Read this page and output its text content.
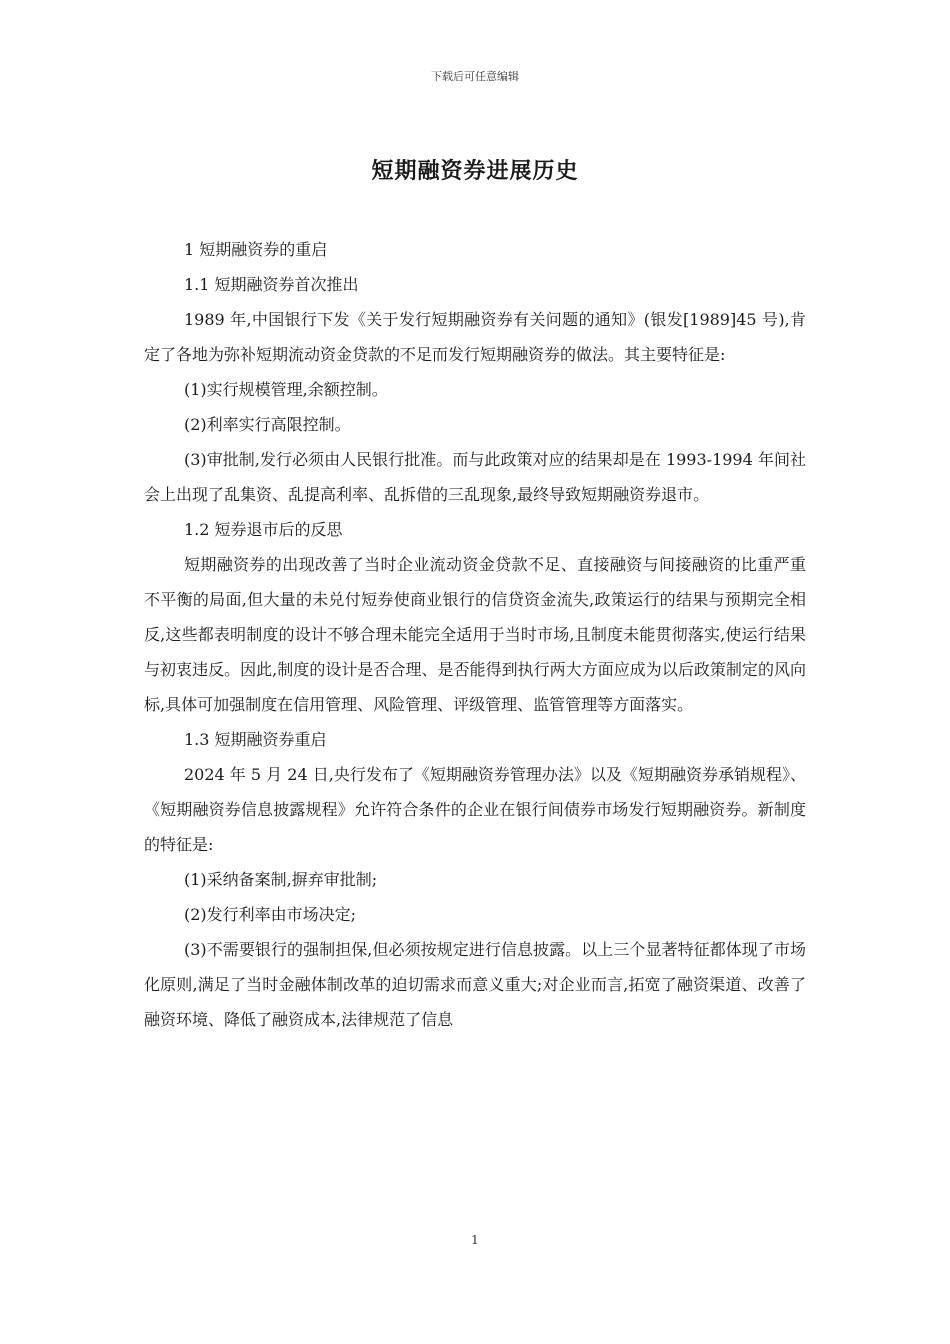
下载后可任意编辑
短期融资券进展历史

1 短期融资券的重启

1.1 短期融资券首次推出

1989 年,中国银行下发《关于发行短期融资券有关问题的通知》(银发[1989]45 号),肯定了各地为弥补短期流动资金贷款的不足而发行短期融资券的做法。其主要特征是:

(1)实行规模管理,余额控制。

(2)利率实行高限控制。

(3)审批制,发行必须由人民银行批准。而与此政策对应的结果却是在 1993-1994 年间社会上出现了乱集资、乱提高利率、乱拆借的三乱现象,最终导致短期融资券退市。

1.2 短券退市后的反思

短期融资券的出现改善了当时企业流动资金贷款不足、直接融资与间接融资的比重严重不平衡的局面,但大量的未兑付短券使商业银行的信贷资金流失,政策运行的结果与预期完全相反,这些都表明制度的设计不够合理未能完全适用于当时市场,且制度未能贯彻落实,使运行结果与初衷违反。因此,制度的设计是否合理、是否能得到执行两大方面应成为以后政策制定的风向标,具体可加强制度在信用管理、风险管理、评级管理、监管管理等方面落实。

1.3 短期融资券重启

2024 年 5 月 24 日,央行发布了《短期融资券管理办法》以及《短期融资券承销规程》、《短期融资券信息披露规程》允许符合条件的企业在银行间债券市场发行短期融资券。新制度的特征是:

(1)采纳备案制,摒弃审批制;

(2)发行利率由市场决定;

(3)不需要银行的强制担保,但必须按规定进行信息披露。以上三个显著特征都体现了市场化原则,满足了当时金融体制改革的迫切需求而意义重大;对企业而言,拓宽了融资渠道、改善了融资环境、降低了融资成本,法律规范了信息

1
